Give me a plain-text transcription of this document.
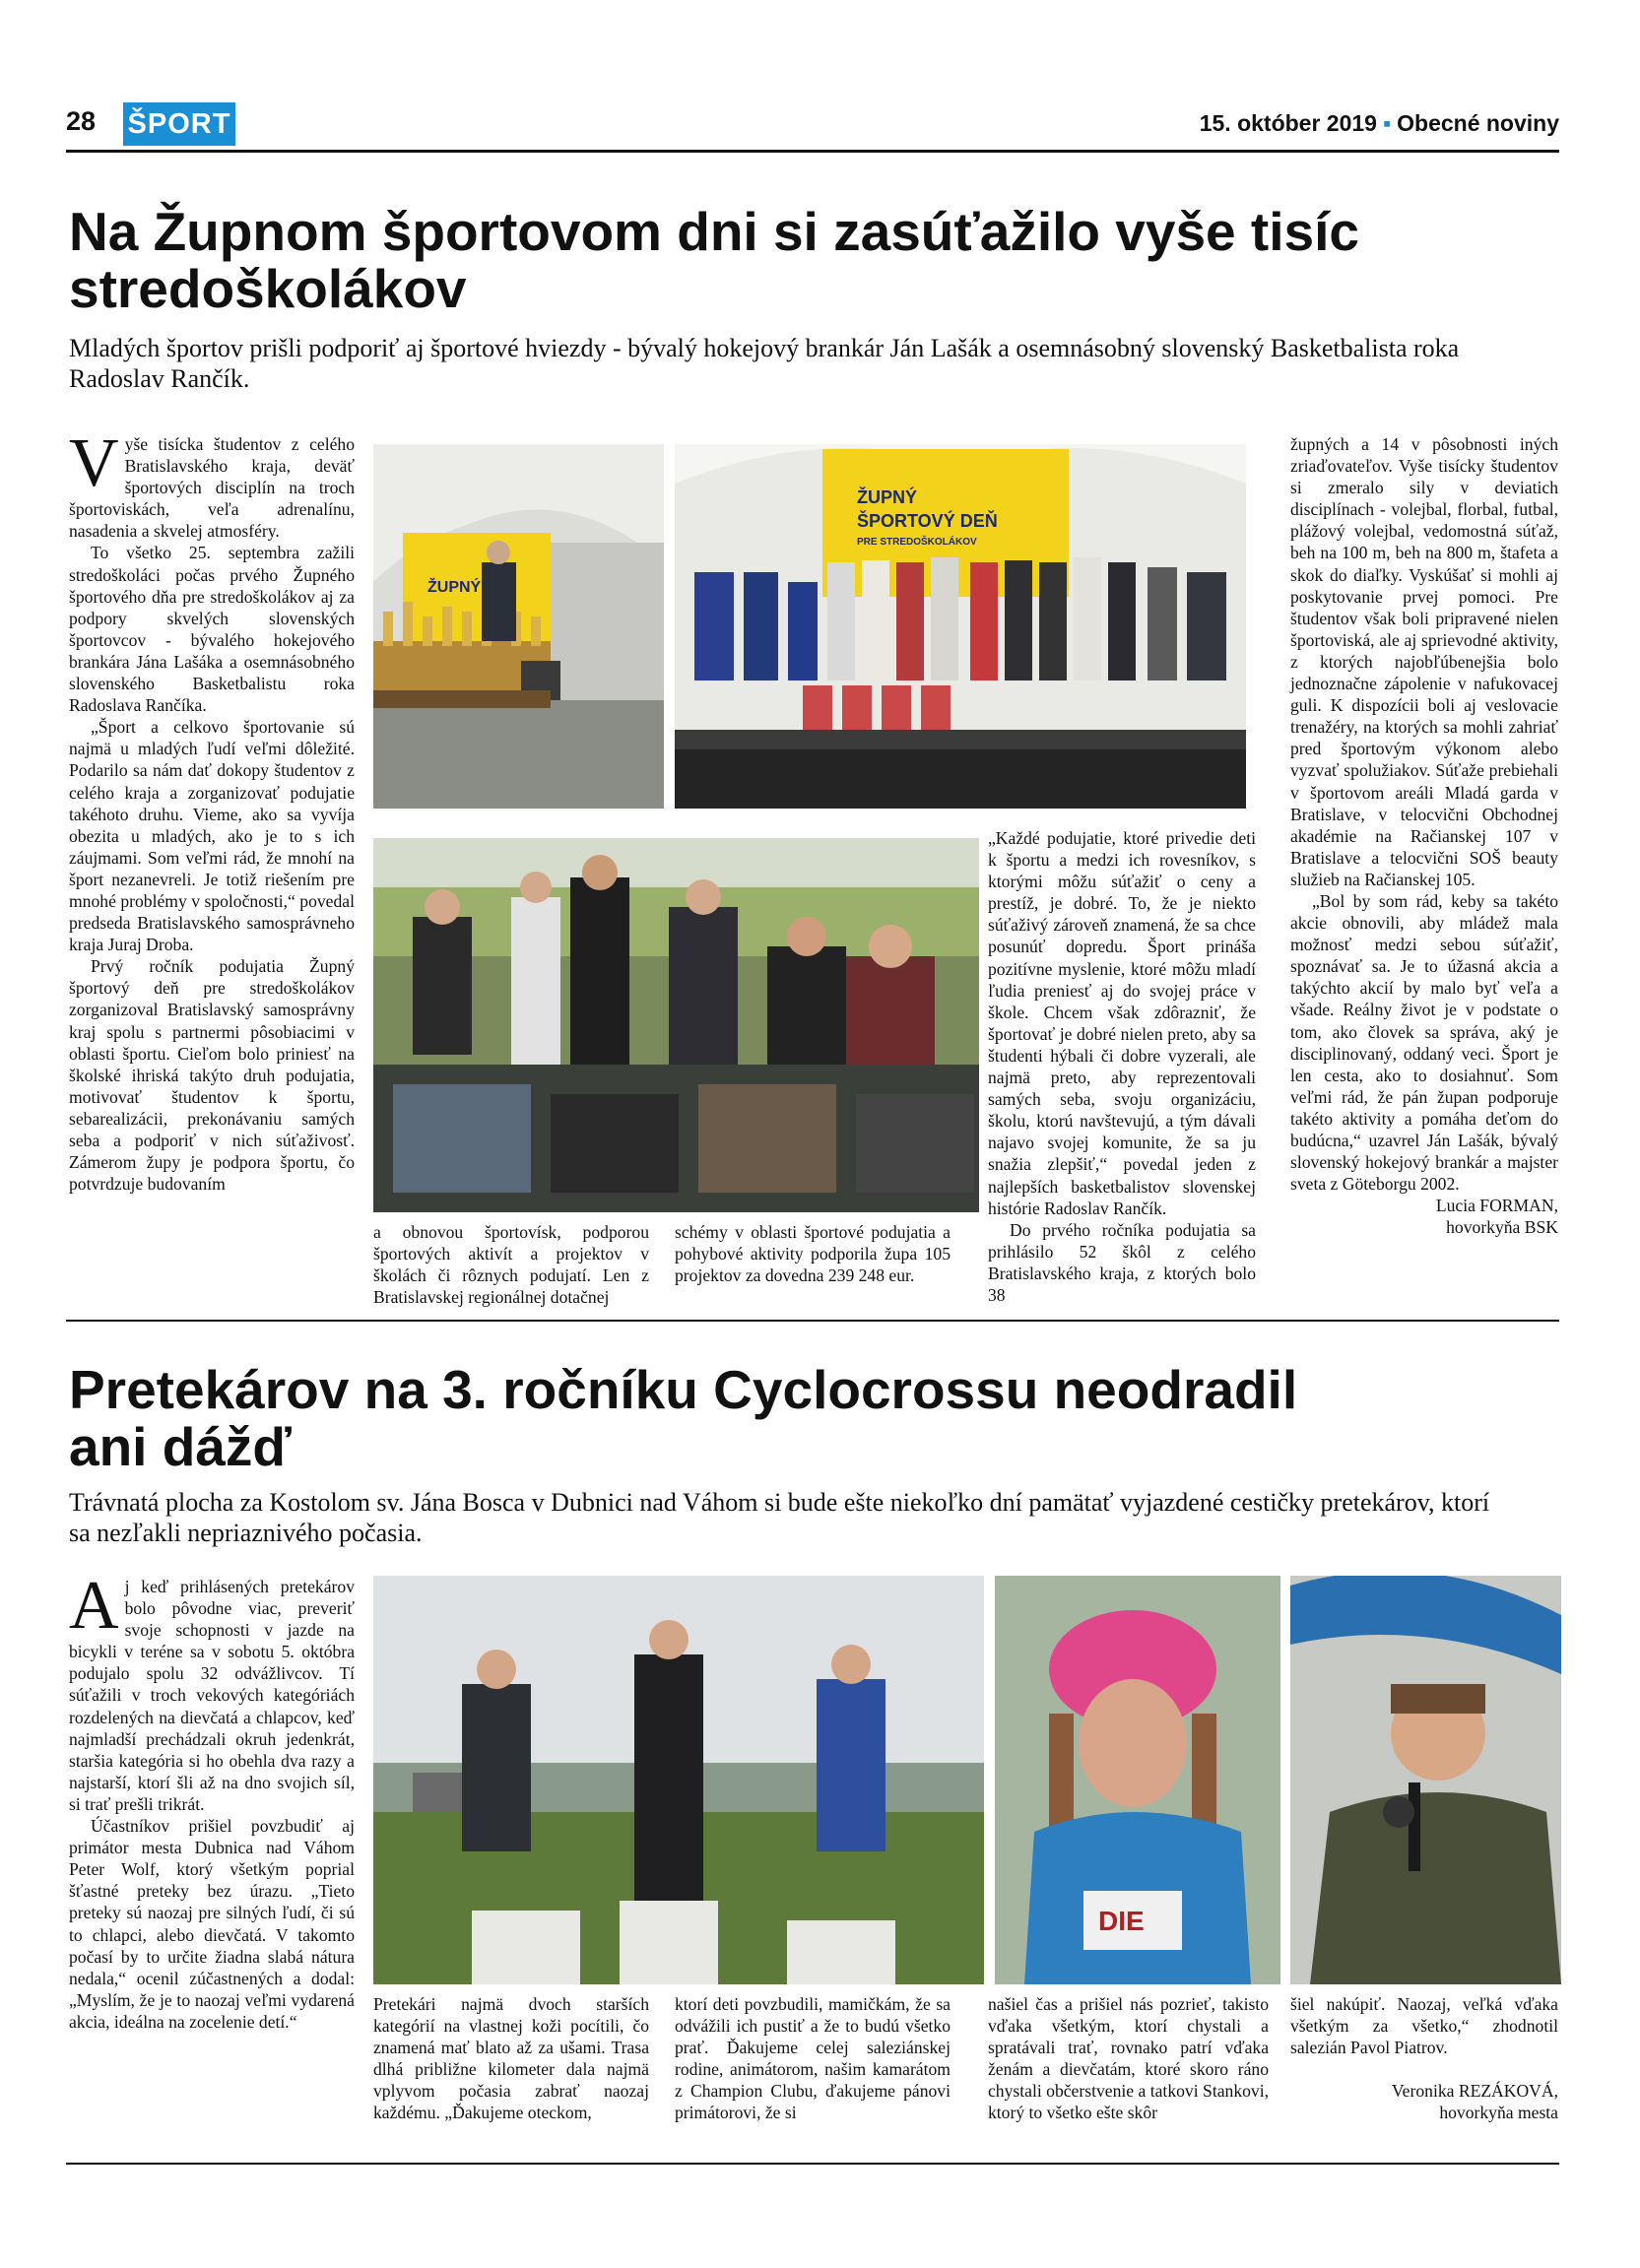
28 ŠPORT	15. október 2019 ▪ Obecné noviny
Na Župnom športovom dni si zasúťažilo vyše tisíc
stredoškolákov
Mladých športov prišli podporiť aj športové hviezdy - bývalý hokejový brankár Ján Lašák a osemnásobný slovenský Basketbalista roka Radoslav Rančík.

Vyše tisícka študentov z celého Bratislavského kraja, deväť športových disciplín na troch športoviskách, veľa adrenalínu, nasadenia a skvelej atmosféry.

To všetko 25. septembra zažili stredoškoláci počas prvého Župného športového dňa pre stredoškolákov aj za podpory skvelých slovenských športovcov - bývalého hokejového brankára Jána Lašáka a osemnásobného slovenského Basketbalistu roka Radoslava Rančíka.

„Šport a celkovo športovanie sú najmä u mladých ľudí veľmi dôležité. Podarilo sa nám dať dokopy študentov z celého kraja a zorganizovať podujatie takéhoto druhu. Vieme, ako sa vyvíja obezita u mladých, ako je to s ich záujmami. Som veľmi rád, že mnohí na šport nezanevreli. Je totiž riešením pre mnohé problémy v spoločnosti,“ povedal predseda Bratislavského samosprávneho kraja Juraj Droba.

Prvý ročník podujatia Župný športový deň pre stredoškolákov zorganizoval Bratislavský samosprávny kraj spolu s partnermi pôsobiacimi v oblasti športu. Cieľom bolo priniesť na školské ihriská takýto druh podujatia, motivovať študentov k športu, sebarealizácii, prekonávaniu samých seba a podporiť v nich súťaživosť. Zámerom župy je podpora športu, čo potvrdzuje budovaním

ŽUPNÝ
ŽUPNÝ
ŠPORTOVÝ DEŇ
PRE STREDOŠKOLÁKOV

a obnovou športovísk, podporou športových aktivít a projektov v školách či rôznych podujatí. Len z Bratislavskej regionálnej dotačnej

schémy v oblasti športové podujatia a pohybové aktivity podporila župa 105 projektov za dovedna 239 248 eur.

„Každé podujatie, ktoré privedie deti k športu a medzi ich rovesníkov, s ktorými môžu súťažiť o ceny a prestíž, je dobré. To, že je niekto súťaživý zároveň znamená, že sa chce posunúť dopredu. Šport prináša pozitívne myslenie, ktoré môžu mladí ľudia preniesť aj do svojej práce v škole. Chcem však zdôrazniť, že športovať je dobré nielen preto, aby sa študenti hýbali či dobre vyzerali, ale najmä preto, aby reprezentovali samých seba, svoju organizáciu, školu, ktorú navštevujú, a tým dávali najavo svojej komunite, že sa ju snažia zlepšiť,“ povedal jeden z najlepších basketbalistov slovenskej histórie Radoslav Rančík.

Do prvého ročníka podujatia sa prihlásilo 52 škôl z celého Bratislavského kraja, z ktorých bolo 38

župných a 14 v pôsobnosti iných zriaďovateľov. Vyše tisícky študentov si zmeralo sily v deviatich disciplínach - volejbal, florbal, futbal, plážový volejbal, vedomostná súťaž, beh na 100 m, beh na 800 m, štafeta a skok do diaľky. Vyskúšať si mohli aj poskytovanie prvej pomoci. Pre študentov však boli pripravené nielen športoviská, ale aj sprievodné aktivity, z ktorých najobľúbenejšia bolo jednoznačne zápolenie v nafukovacej guli. K dispozícii boli aj veslovacie trenažéry, na ktorých sa mohli zahriať pred športovým výkonom alebo vyzvať spolužiakov. Súťaže prebiehali v športovom areáli Mladá garda v Bratislave, v telocvični Obchodnej akadémie na Račianskej 107 v Bratislave a telocvični SOŠ beauty služieb na Račianskej 105.

„Bol by som rád, keby sa takéto akcie obnovili, aby mládež mala možnosť medzi sebou súťažiť, spoznávať sa. Je to úžasná akcia a takýchto akcií by malo byť veľa a všade. Reálny život je v podstate o tom, ako človek sa správa, aký je disciplinovaný, oddaný veci. Šport je len cesta, ako to dosiahnuť. Som veľmi rád, že pán župan podporuje takéto aktivity a pomáha deťom do budúcna,“ uzavrel Ján Lašák, bývalý slovenský hokejový brankár a majster sveta z Göteborgu 2002.

Lucia FORMAN,

hovorkyňa BSK

Pretekárov na 3. ročníku Cyclocrossu neodradil
ani dážď
Trávnatá plocha za Kostolom sv. Jána Bosca v Dubnici nad Váhom si bude ešte niekoľko dní pamätať vyjazdené cestičky pretekárov, ktorí sa nezľakli nepriaznivého počasia.

Aj keď prihlásených pretekárov bolo pôvodne viac, preveriť svoje schopnosti v jazde na bicykli v teréne sa v sobotu 5. októbra podujalo spolu 32 odvážlivcov. Tí súťažili v troch vekových kategóriách rozdelených na dievčatá a chlapcov, keď najmladší prechádzali okruh jedenkrát, staršia kategória si ho obehla dva razy a najstarší, ktorí šli až na dno svojich síl, si trať prešli trikrát.

Účastníkov prišiel povzbudiť aj primátor mesta Dubnica nad Váhom Peter Wolf, ktorý všetkým poprial šťastné preteky bez úrazu. „Tieto preteky sú naozaj pre silných ľudí, či sú to chlapci, alebo dievčatá. V takomto počasí by to určite žiadna slabá nátura nedala,“ ocenil zúčastnených a dodal: „Myslím, že je to naozaj veľmi vydarená akcia, ideálna na zocelenie detí.“

DIE

Pretekári najmä dvoch starších kategórií na vlastnej koži pocítili, čo znamená mať blato až za ušami. Trasa dlhá približne kilometer dala najmä vplyvom počasia zabrať naozaj každému. „Ďakujeme oteckom,

ktorí deti povzbudili, mamičkám, že sa odvážili ich pustiť a že to budú všetko prať. Ďakujeme celej saleziánskej rodine, animátorom, našim kamarátom z Champion Clubu, ďakujeme pánovi primátorovi, že si

našiel čas a prišiel nás pozrieť, takisto vďaka všetkým, ktorí chystali a spratávali trať, rovnako patrí vďaka ženám a dievčatám, ktoré skoro ráno chystali občerstvenie a tatkovi Stankovi, ktorý to všetko ešte skôr

šiel nakúpiť. Naozaj, veľká vďaka všetkým za všetko,“ zhodnotil salezián Pavol Piatrov.

Veronika REZÁKOVÁ,

hovorkyňa mesta
